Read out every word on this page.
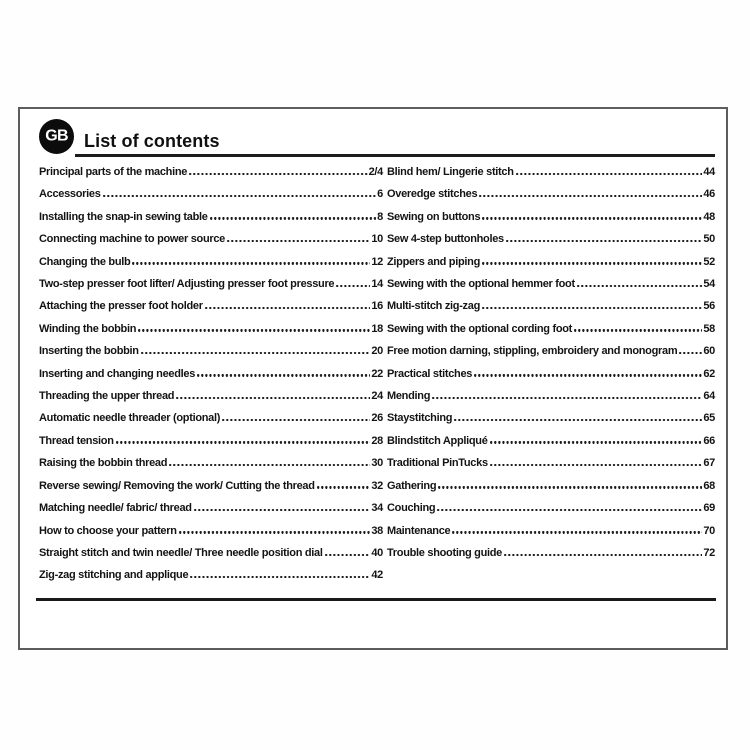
GB List of contents
Principal parts of the machine	2/4
Accessories	6
Installing the snap-in sewing table	8
Connecting machine to power source	10
Changing the bulb	12
Two-step presser foot lifter/ Adjusting presser foot pressure	14
Attaching the presser foot holder	16
Winding the bobbin	18
Inserting the bobbin	20
Inserting and changing needles	22
Threading the upper thread	24
Automatic needle threader (optional)	26
Thread tension	28
Raising the bobbin thread	30
Reverse sewing/ Removing the work/ Cutting the thread	32
Matching needle/ fabric/ thread	34
How to choose your pattern	38
Straight stitch and twin needle/ Three needle position dial	40
Zig-zag stitching and applique	42
Blind hem/ Lingerie stitch	44
Overedge stitches	46
Sewing on buttons	48
Sew 4-step buttonholes	50
Zippers and piping	52
Sewing with the optional hemmer foot	54
Multi-stitch zig-zag	56
Sewing with the optional cording foot	58
Free motion darning, stippling, embroidery and monogram 60
Practical stitches	62
Mending	64
Staystitching	65
Blindstitch Appliqué	66
Traditional PinTucks	67
Gathering	68
Couching	69
Maintenance	70
Trouble shooting guide	72
